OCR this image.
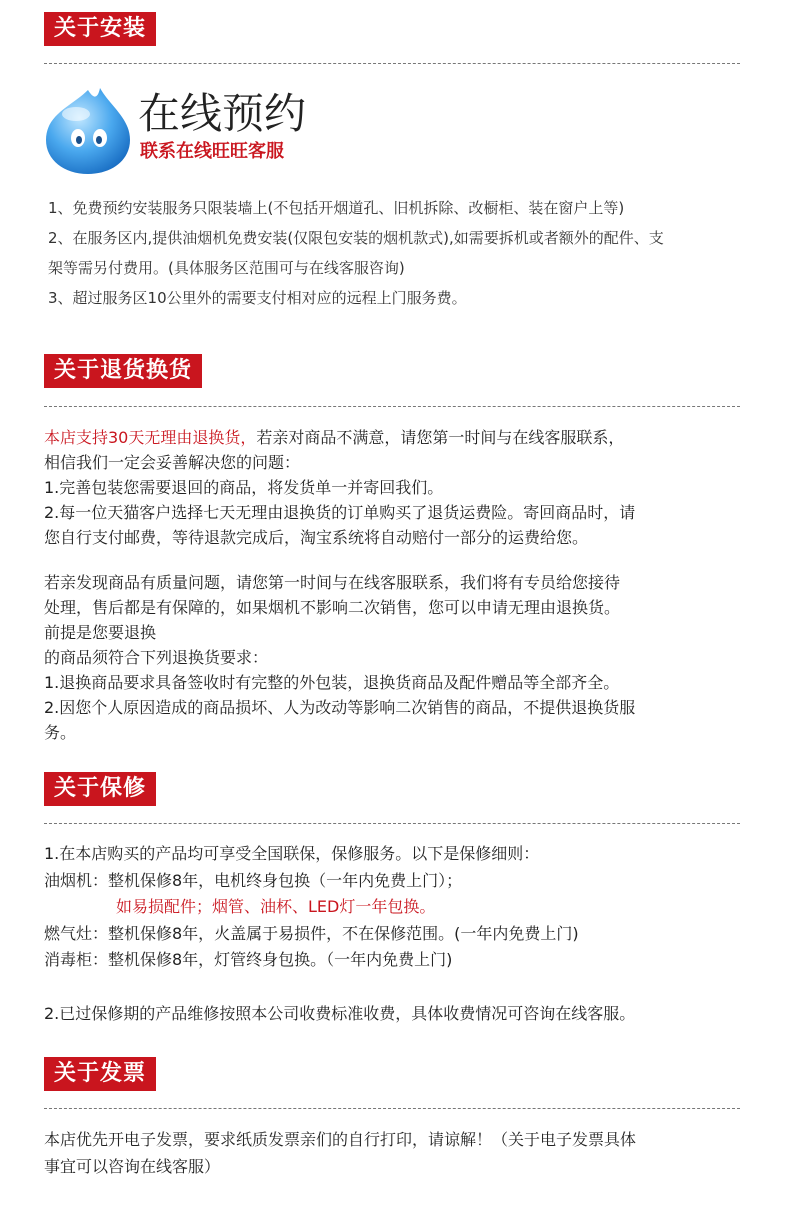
关于安装
在线预约
联系在线旺旺客服
1、免费预约安装服务只限装墙上(不包括开烟道孔、旧机拆除、改橱柜、装在窗户上等)
2、在服务区内,提供油烟机免费安装(仅限包安装的烟机款式),如需要拆机或者额外的配件、支
架等需另付费用。(具体服务区范围可与在线客服咨询)
3、超过服务区10公里外的需要支付相对应的远程上门服务费。
关于退货换货
本店支持30天无理由退换货，若亲对商品不满意，请您第一时间与在线客服联系，
相信我们一定会妥善解决您的问题：
1.完善包装您需要退回的商品，将发货单一并寄回我们。
2.每一位天猫客户选择七天无理由退换货的订单购买了退货运费险。寄回商品时，请
您自行支付邮费，等待退款完成后，淘宝系统将自动赔付一部分的运费给您。
若亲发现商品有质量问题，请您第一时间与在线客服联系，我们将有专员给您接待
处理，售后都是有保障的，如果烟机不影响二次销售，您可以申请无理由退换货。
前提是您要退换
的商品须符合下列退换货要求：
1.退换商品要求具备签收时有完整的外包装，退换货商品及配件赠品等全部齐全。
2.因您个人原因造成的商品损坏、人为改动等影响二次销售的商品，不提供退换货服
务。
关于保修
1.在本店购买的产品均可享受全国联保，保修服务。以下是保修细则：
油烟机：整机保修8年，电机终身包换（一年内免费上门）；
如易损配件；烟管、油杯、LED灯一年包换。
燃气灶：整机保修8年，火盖属于易损件，不在保修范围。(一年内免费上门)
消毒柜：整机保修8年，灯管终身包换。（一年内免费上门)
2.已过保修期的产品维修按照本公司收费标准收费，具体收费情况可咨询在线客服。
关于发票
本店优先开电子发票，要求纸质发票亲们的自行打印，请谅解！（关于电子发票具体
事宜可以咨询在线客服）
